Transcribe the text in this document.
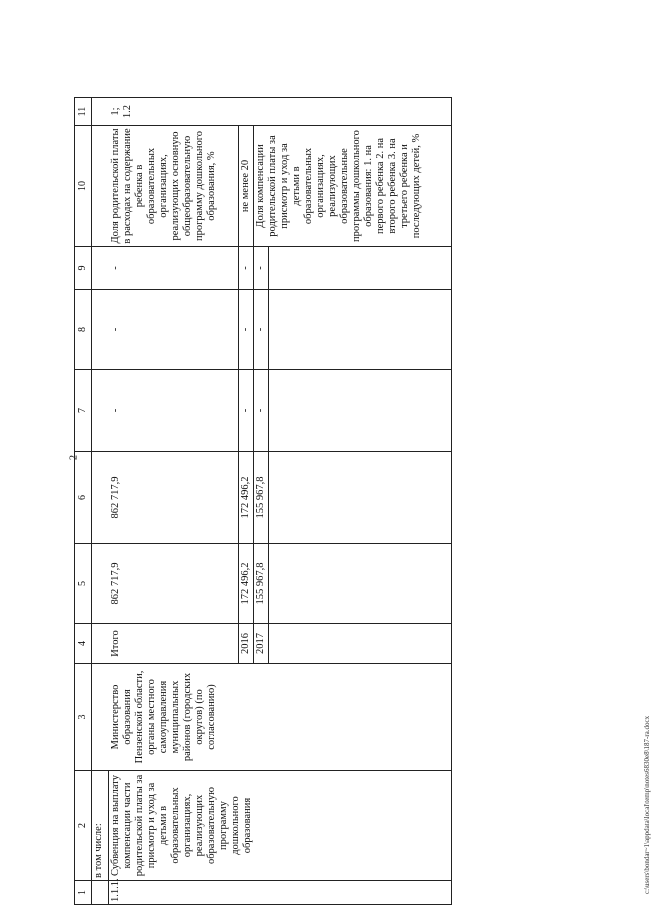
2
1	2	3	4	5	6	7	8	9	10	11
	в том числе:									
1.1.1.	Субвенция на выплату компенсации части родительской платы за присмотр и уход за детьми в образовательных организациях, реализующих образовательную программу дошкольного образования	Министерство образования Пензенской области, органы местного самоуправления муниципальных районов (городских округов) (по согласованию)	Итого	862 717,9	862 717,9	-	-	-	Доля родительской платы в расходах на содержание ребенка в образовательных организациях, реализующих основную общеобразовательную программу дошкольного образования, %	1; 1.2
			2016	172 496,2	172 496,2	-	-	-	не менее 20	
			2017	155 967,8	155 967,8	-	-	-	Доля компенсации родительской платы за присмотр и уход за детьми в образовательных организациях, реализующих образовательные программы дошкольного образования: 1. на первого ребенка 2. на второго ребенка 3. на третьего ребенка и последующих детей, %	

c:\users\bondar~1\appdata\local\temp\notes6830e8\187-ra.docx
